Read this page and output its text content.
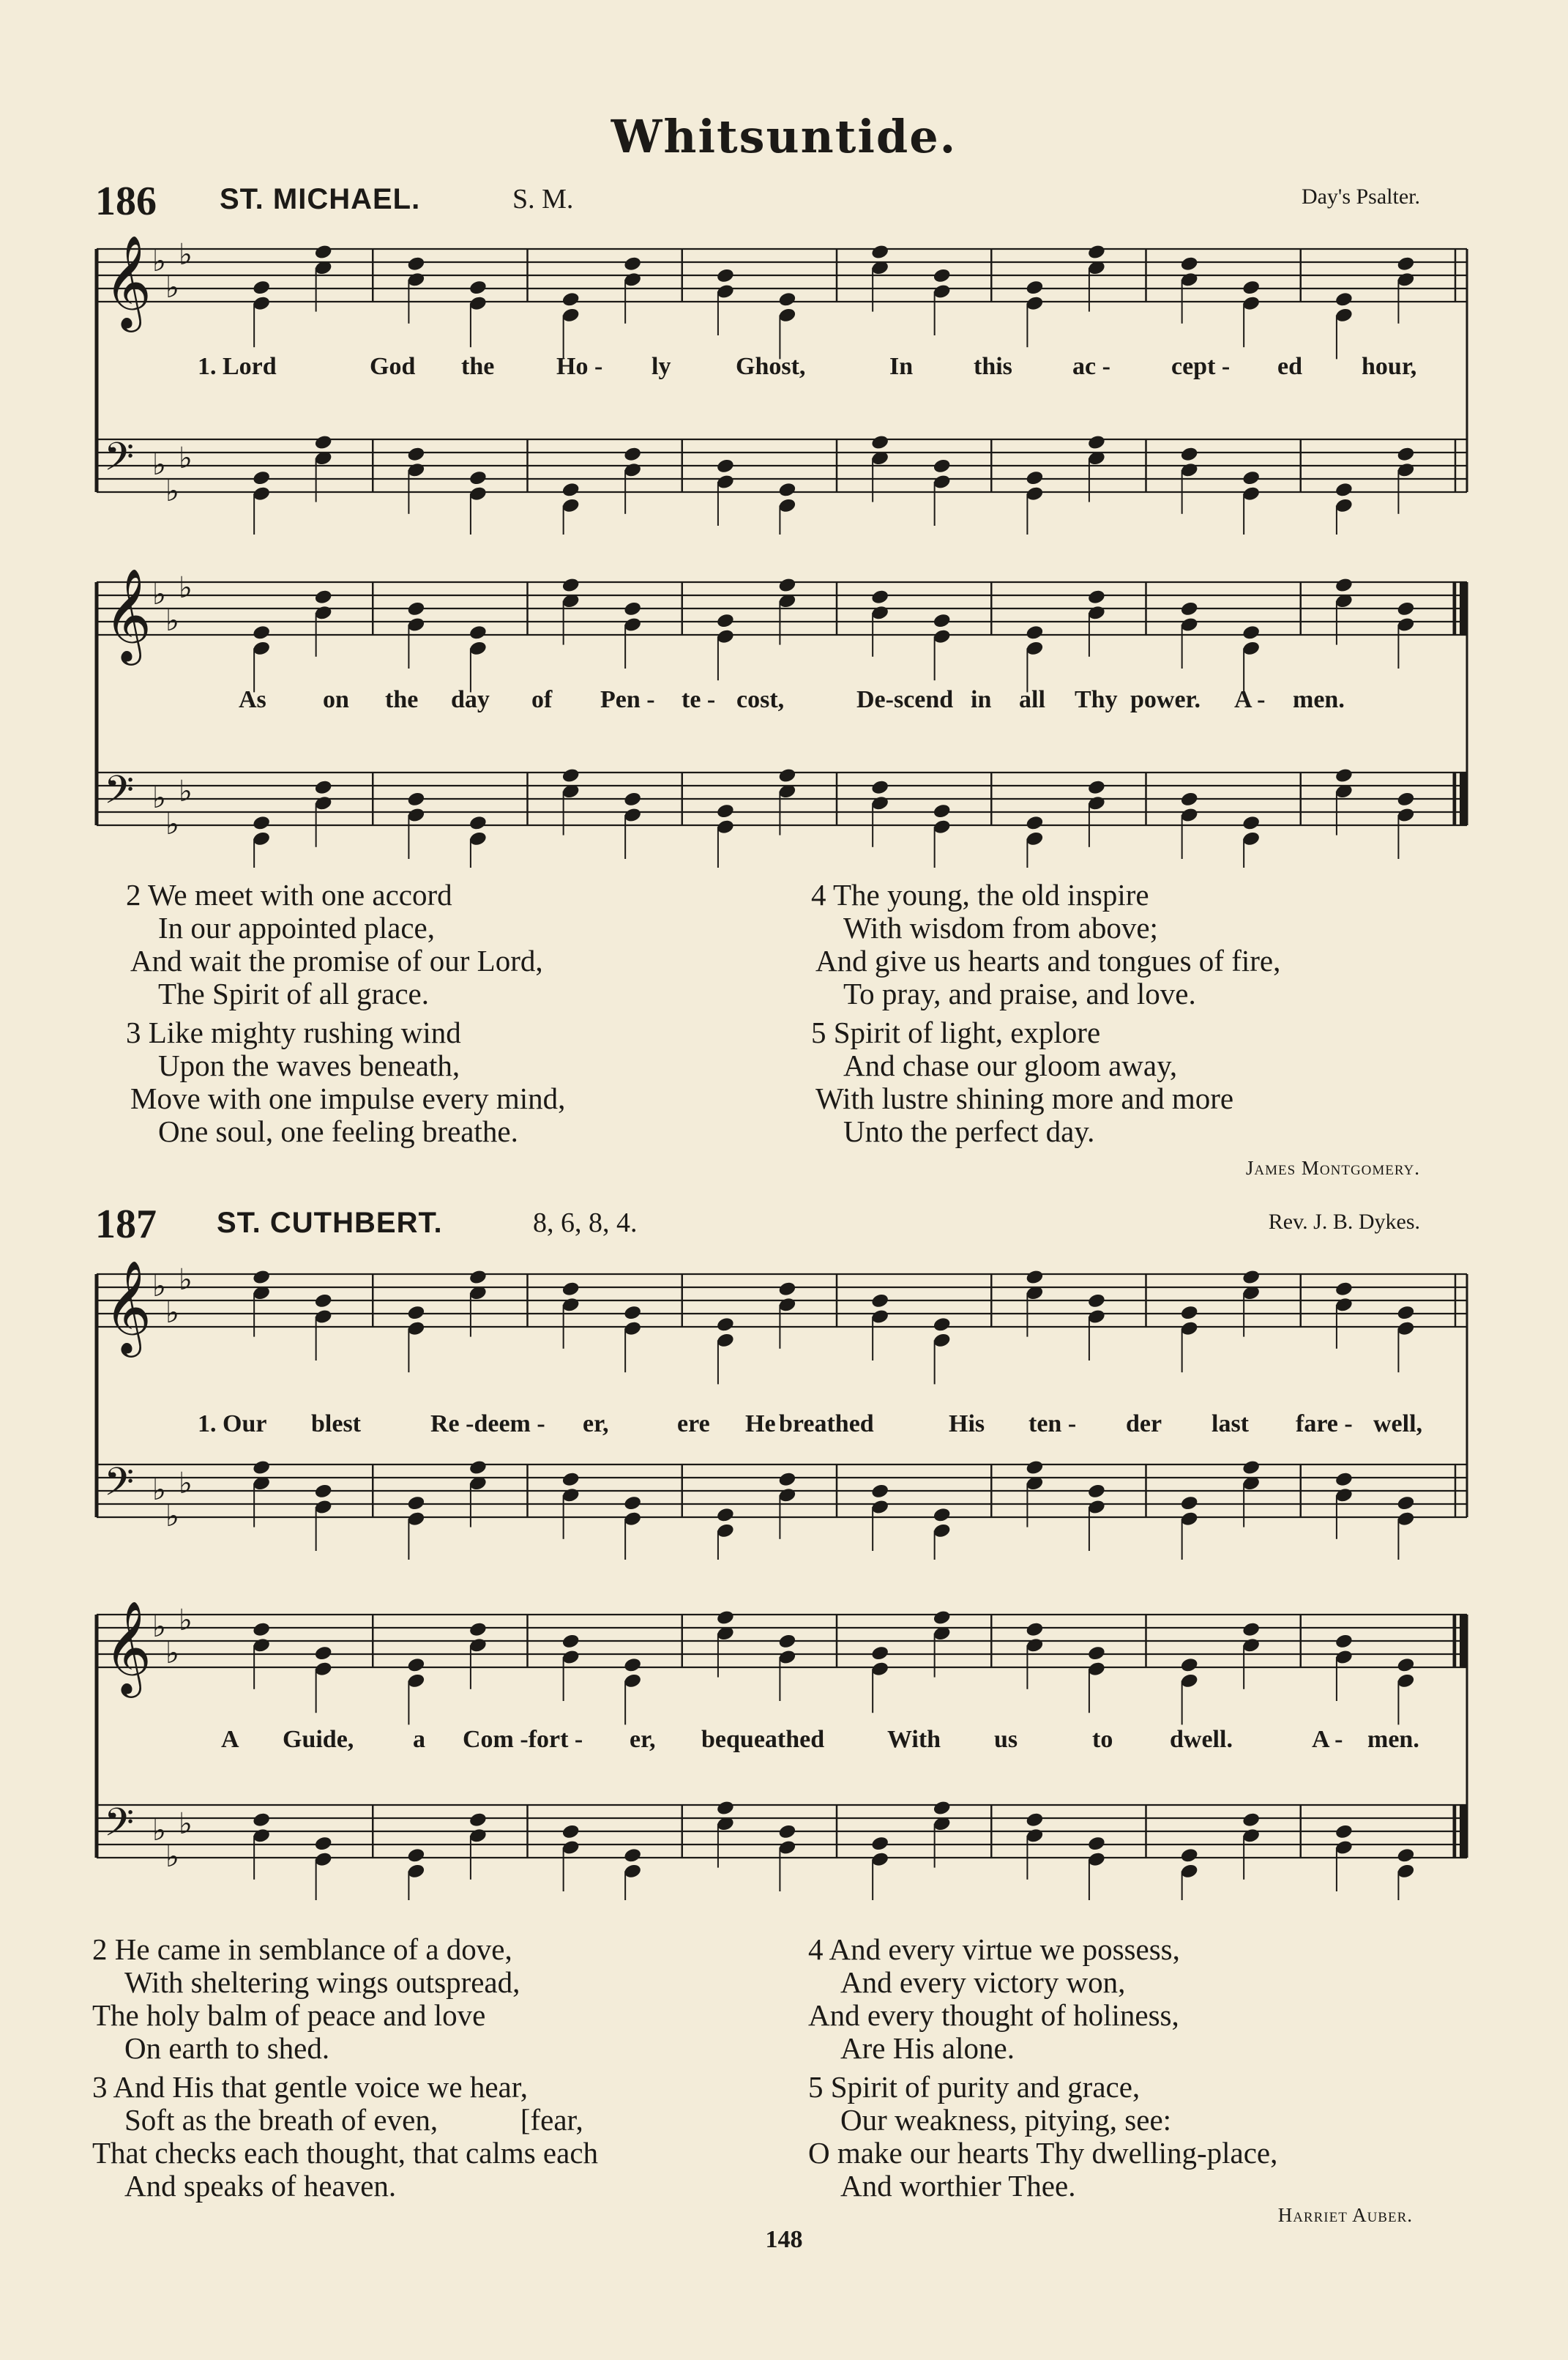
Whitsuntide.
186 ST. MICHAEL.	S. M.	Day's Psalter.
𝄞 ♭
♭
♭
𝄢 ♭
♭
♭
1. Lord	God the Ho - ly	Ghost,	In this ac - cept - ed hour,
𝄞 ♭
♭
♭
𝄢 ♭
♭
♭
As on the day of Pen - te - cost,	De-scend in all Thy power. A - men.
2 We meet with one accord
In our appointed place,
And wait the promise of our Lord,
The Spirit of all grace.
3 Like mighty rushing wind
Upon the waves beneath,
Move with one impulse every mind,
One soul, one feeling breathe.
4 The young, the old inspire
With wisdom from above;
And give us hearts and tongues of fire,
To pray, and praise, and love.
5 Spirit of light, explore
And chase our gloom away,
With lustre shining more and more
Unto the perfect day.
James Montgomery.
187 ST. CUTHBERT.	8, 6, 8, 4.	Rev. J. B. Dykes.
𝄞 ♭
♭
♭
𝄢 ♭
♭
♭
1. Our blest	Re -deem - er,	ere He breathed	His ten - der last fare - well,
𝄞 ♭
♭
♭
𝄢 ♭
♭
♭
A Guide, a Com -fort - er, bequeathed	With us	to dwell.	A - men.
2 He came in semblance of a dove,
With sheltering wings outspread,
The holy balm of peace and love
On earth to shed.
3 And His that gentle voice we hear,
Soft as the breath of even,           [fear,
That checks each thought, that calms each
And speaks of heaven.
4 And every virtue we possess,
And every victory won,
And every thought of holiness,
Are His alone.
5 Spirit of purity and grace,
Our weakness, pitying, see:
O make our hearts Thy dwelling-place,
And worthier Thee.
Harriet Auber.
148
